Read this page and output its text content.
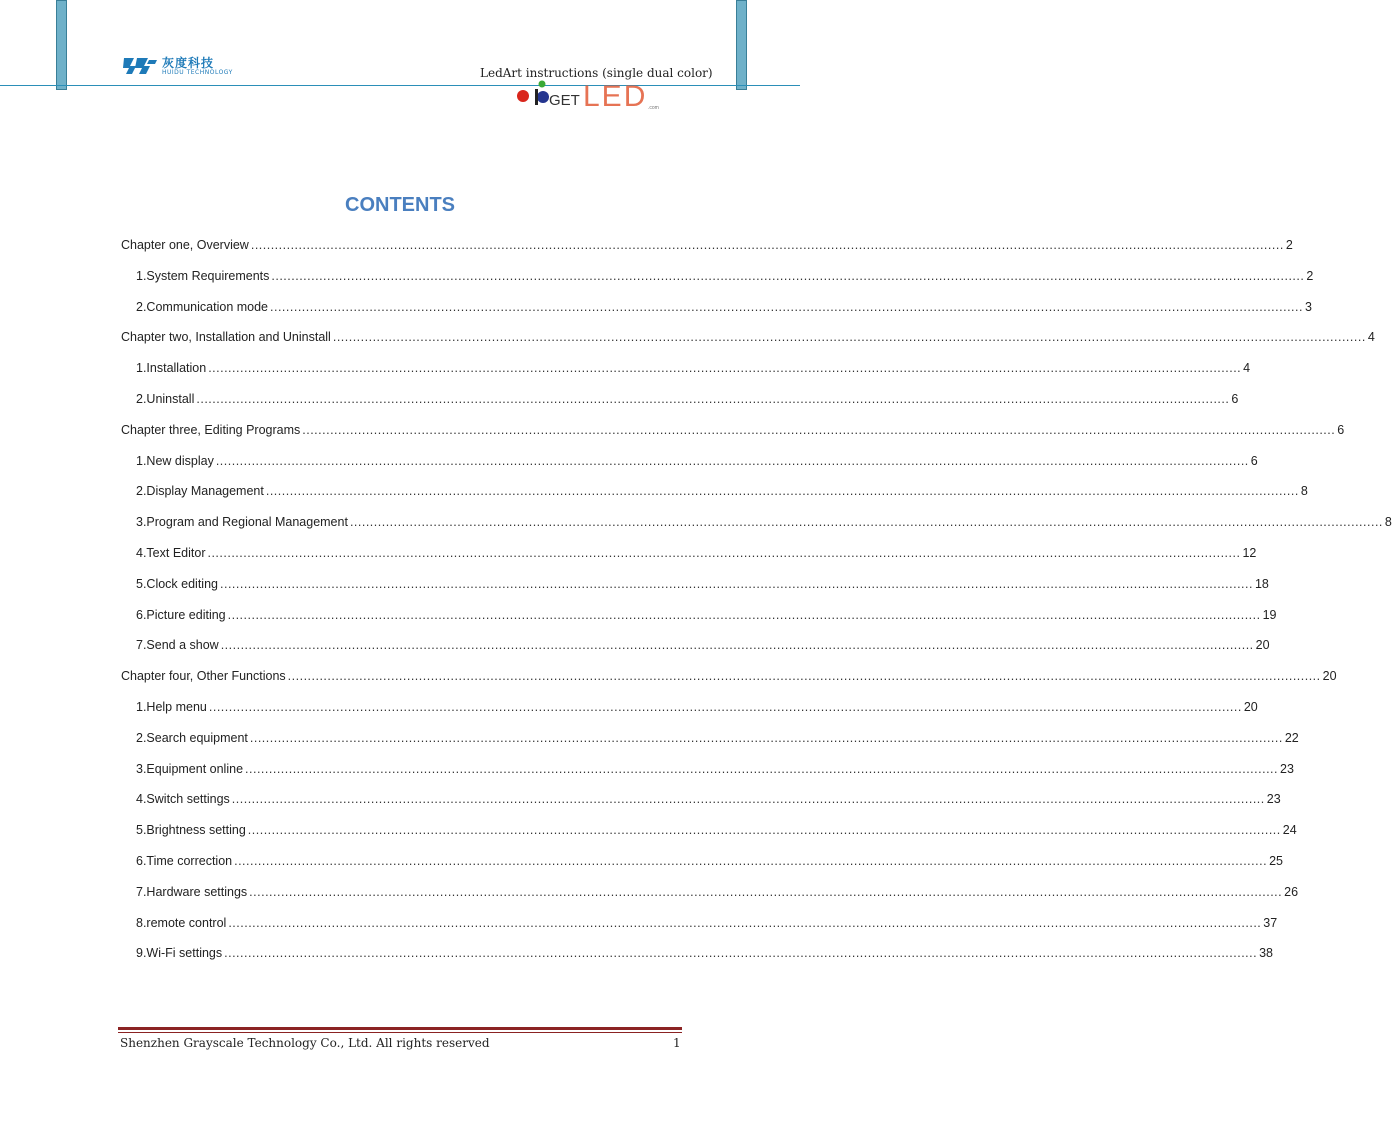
灰度科技
HUIDU TECHNOLOGY	LedArt instructions (single dual color)
GET LED .com
CONTENTS
Chapter one, Overview .................................................................................................................................................................................................................................................................... 2
1.System Requirements .................................................................................................................................................................................................................................................................... 2
2.Communication mode .................................................................................................................................................................................................................................................................... 3
Chapter two, Installation and Uninstall .................................................................................................................................................................................................................................................................... 4
1.Installation .................................................................................................................................................................................................................................................................... 4
2.Uninstall .................................................................................................................................................................................................................................................................... 6
Chapter three, Editing Programs .................................................................................................................................................................................................................................................................... 6
1.New display .................................................................................................................................................................................................................................................................... 6
2.Display Management .................................................................................................................................................................................................................................................................... 8
3.Program and Regional Management .................................................................................................................................................................................................................................................................... 8
4.Text Editor .................................................................................................................................................................................................................................................................... 12
5.Clock editing .................................................................................................................................................................................................................................................................... 18
6.Picture editing .................................................................................................................................................................................................................................................................... 19
7.Send a show .................................................................................................................................................................................................................................................................... 20
Chapter four, Other Functions .................................................................................................................................................................................................................................................................... 20
1.Help menu .................................................................................................................................................................................................................................................................... 20
2.Search equipment .................................................................................................................................................................................................................................................................... 22
3.Equipment online .................................................................................................................................................................................................................................................................... 23
4.Switch settings .................................................................................................................................................................................................................................................................... 23
5.Brightness setting .................................................................................................................................................................................................................................................................... 24
6.Time correction .................................................................................................................................................................................................................................................................... 25
7.Hardware settings .................................................................................................................................................................................................................................................................... 26
8.remote control .................................................................................................................................................................................................................................................................... 37
9.Wi-Fi settings .................................................................................................................................................................................................................................................................... 38
Shenzhen Grayscale Technology Co., Ltd. All rights reserved	1
